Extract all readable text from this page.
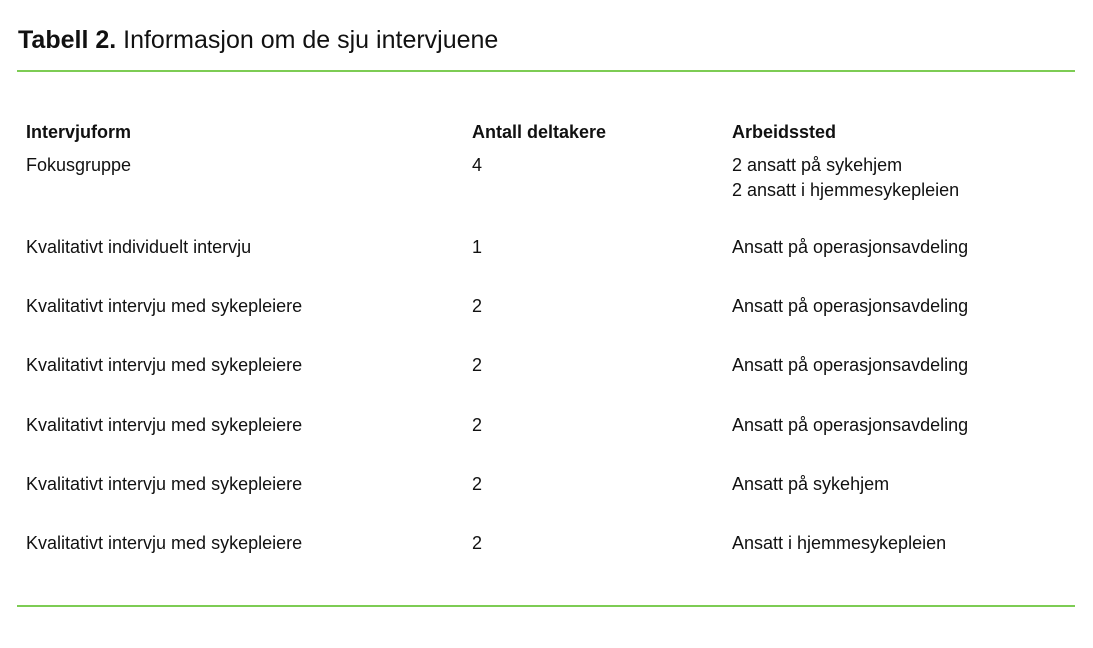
Tabell 2. Informasjon om de sju intervjuene
Intervjuform	Antall deltakere	Arbeidssted
Fokusgruppe	4	2 ansatt på sykehjem
2 ansatt i hjemmesykepleien
Kvalitativt individuelt intervju	1	Ansatt på operasjonsavdeling
Kvalitativt intervju med sykepleiere	2	Ansatt på operasjonsavdeling
Kvalitativt intervju med sykepleiere	2	Ansatt på operasjonsavdeling
Kvalitativt intervju med sykepleiere	2	Ansatt på operasjonsavdeling
Kvalitativt intervju med sykepleiere	2	Ansatt på sykehjem
Kvalitativt intervju med sykepleiere	2	Ansatt i hjemmesykepleien
